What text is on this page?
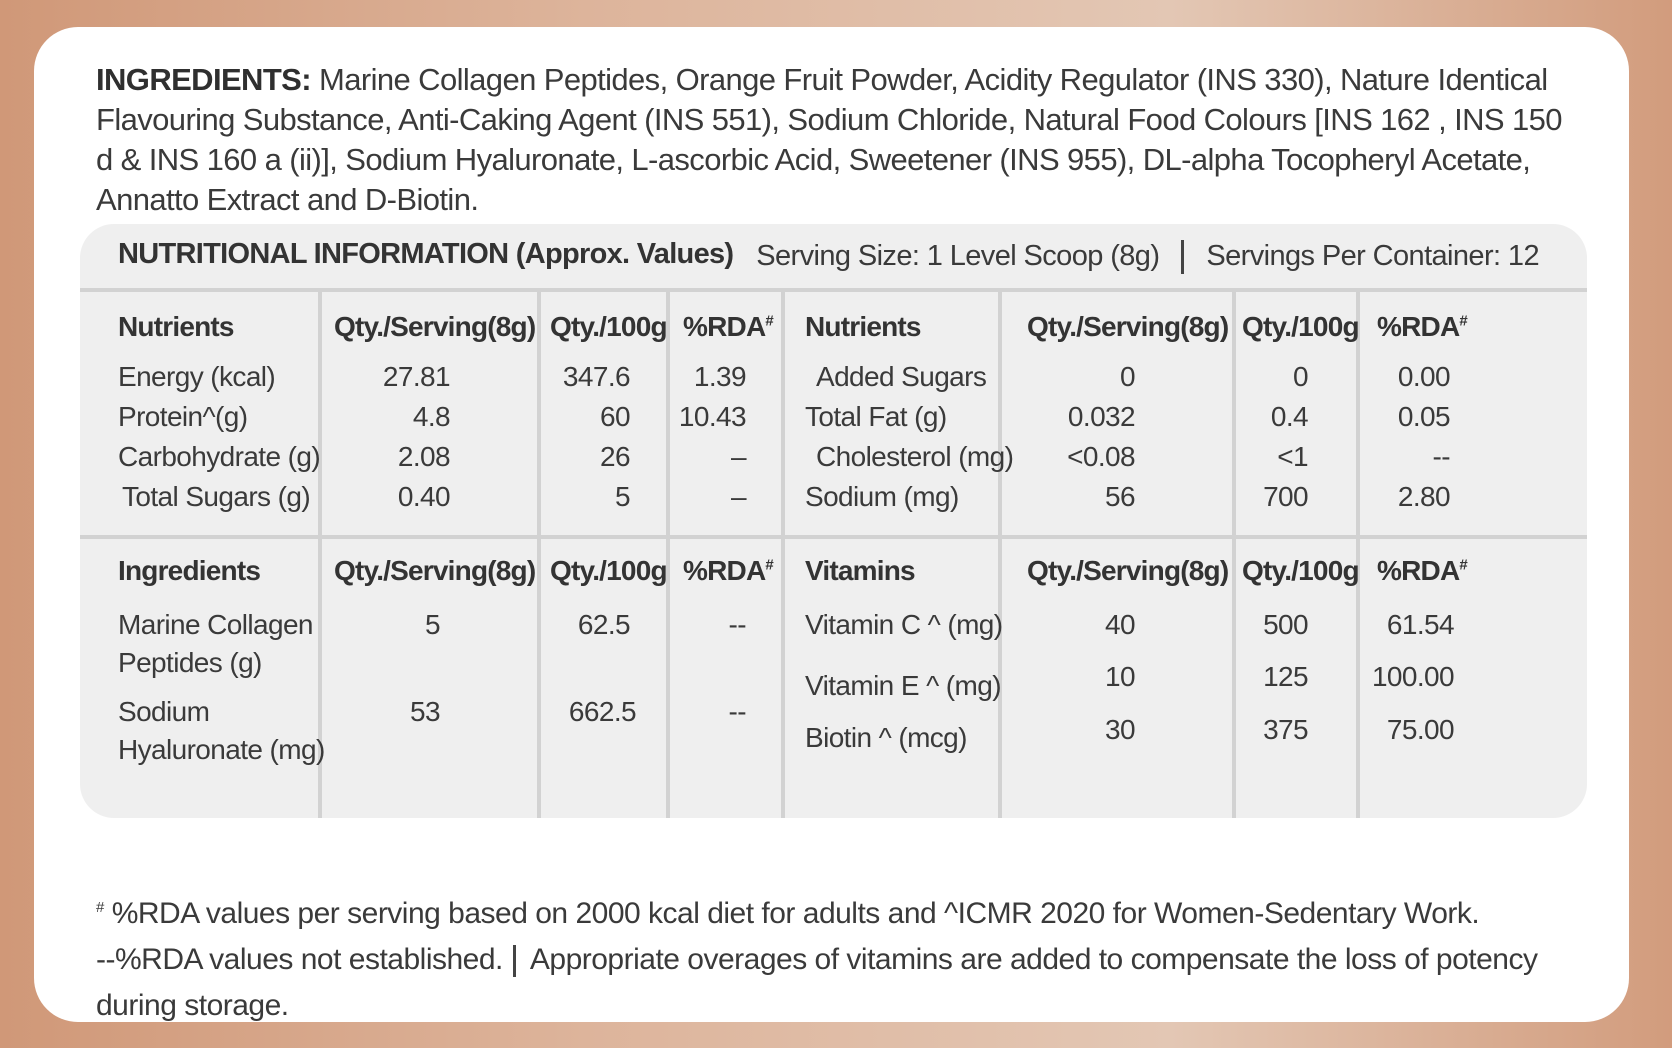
INGREDIENTS: Marine Collagen Peptides, Orange Fruit Powder, Acidity Regulator (INS 330), Nature Identical Flavouring Substance, Anti-Caking Agent (INS 551), Sodium Chloride, Natural Food Colours [INS 162 , INS 150 d & INS 160 a (ii)], Sodium Hyaluronate, L-ascorbic Acid, Sweetener (INS 955), DL-alpha Tocopheryl Acetate, Annatto Extract and D-Biotin.
NUTRITIONAL INFORMATION (Approx. Values) Serving Size: 1 Level Scoop (8g) Servings Per Container: 12
Nutrients	Qty./Serving(8g) Qty./100g %RDA# Nutrients	Qty./Serving(8g) Qty./100g %RDA#
Energy (kcal)	27.81	347.6	1.39
Protein^(g)	4.8	60	10.43
Carbohydrate (g)	2.08	26	–
Total Sugars (g)	0.40	5	–
Added Sugars	0	0	0.00
Total Fat (g)	0.032	0.4	0.05
Cholesterol (mg)	<0.08	<1	--
Sodium (mg)	56	700	2.80
Ingredients	Qty./Serving(8g) Qty./100g %RDA# Vitamins	Qty./Serving(8g) Qty./100g %RDA#
Marine Collagen
Peptides (g)
5	62.5	--
Sodium
Hyaluronate (mg)
53	662.5	--
Vitamin C ^ (mg)	40	500	61.54
Vitamin E ^ (mg)	10	125	100.00
Biotin ^ (mcg)	30	375	75.00
# %RDA values per serving based on 2000 kcal diet for adults and ^ICMR 2020 for Women-Sedentary Work.
--%RDA values not established. Appropriate overages of vitamins are added to compensate the loss of potency during storage.
